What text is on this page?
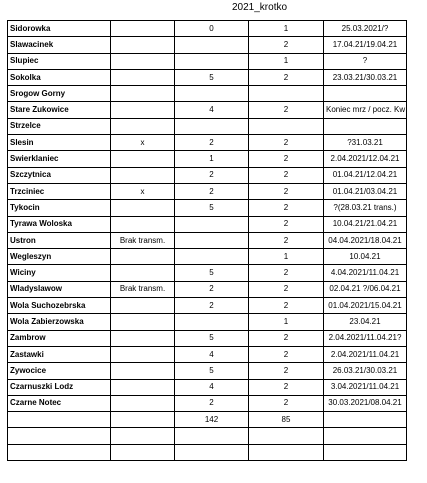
2021_krotko
Sidorowka		0	1	25.03.2021/?
Slawacinek			2	17.04.21/19.04.21
Slupiec			1	?
Sokolka		5	2	23.03.21/30.03.21
Srogow Gorny				
Stare Zukowice		4	2	Koniec mrz / pocz. Kw
Strzelce				
Slesin	x	2	2	?31.03.21
Swierklaniec		1	2	2.04.2021/12.04.21
Szczytnica		2	2	01.04.21/12.04.21
Trzciniec	x	2	2	01.04.21/03.04.21
Tykocin		5	2	?(28.03.21 trans.)
Tyrawa Woloska			2	10.04.21/21.04.21
Ustron	Brak transm.		2	04.04.2021/18.04.21
Wegleszyn			1	10.04.21
Wiciny		5	2	4.04.2021/11.04.21
Wladyslawow	Brak transm.	2	2	02.04.21 ?/06.04.21
Wola Suchozebrska		2	2	01.04.2021/15.04.21
Wola Zabierzowska			1	23.04.21
Zambrow		5	2	2.04.2021/11.04.21?
Zastawki		4	2	2.04.2021/11.04.21
Zywocice		5	2	26.03.21/30.03.21
Czarnuszki Lodz		4	2	3.04.2021/11.04.21
Czarne Notec		2	2	30.03.2021/08.04.21
		142	85	
